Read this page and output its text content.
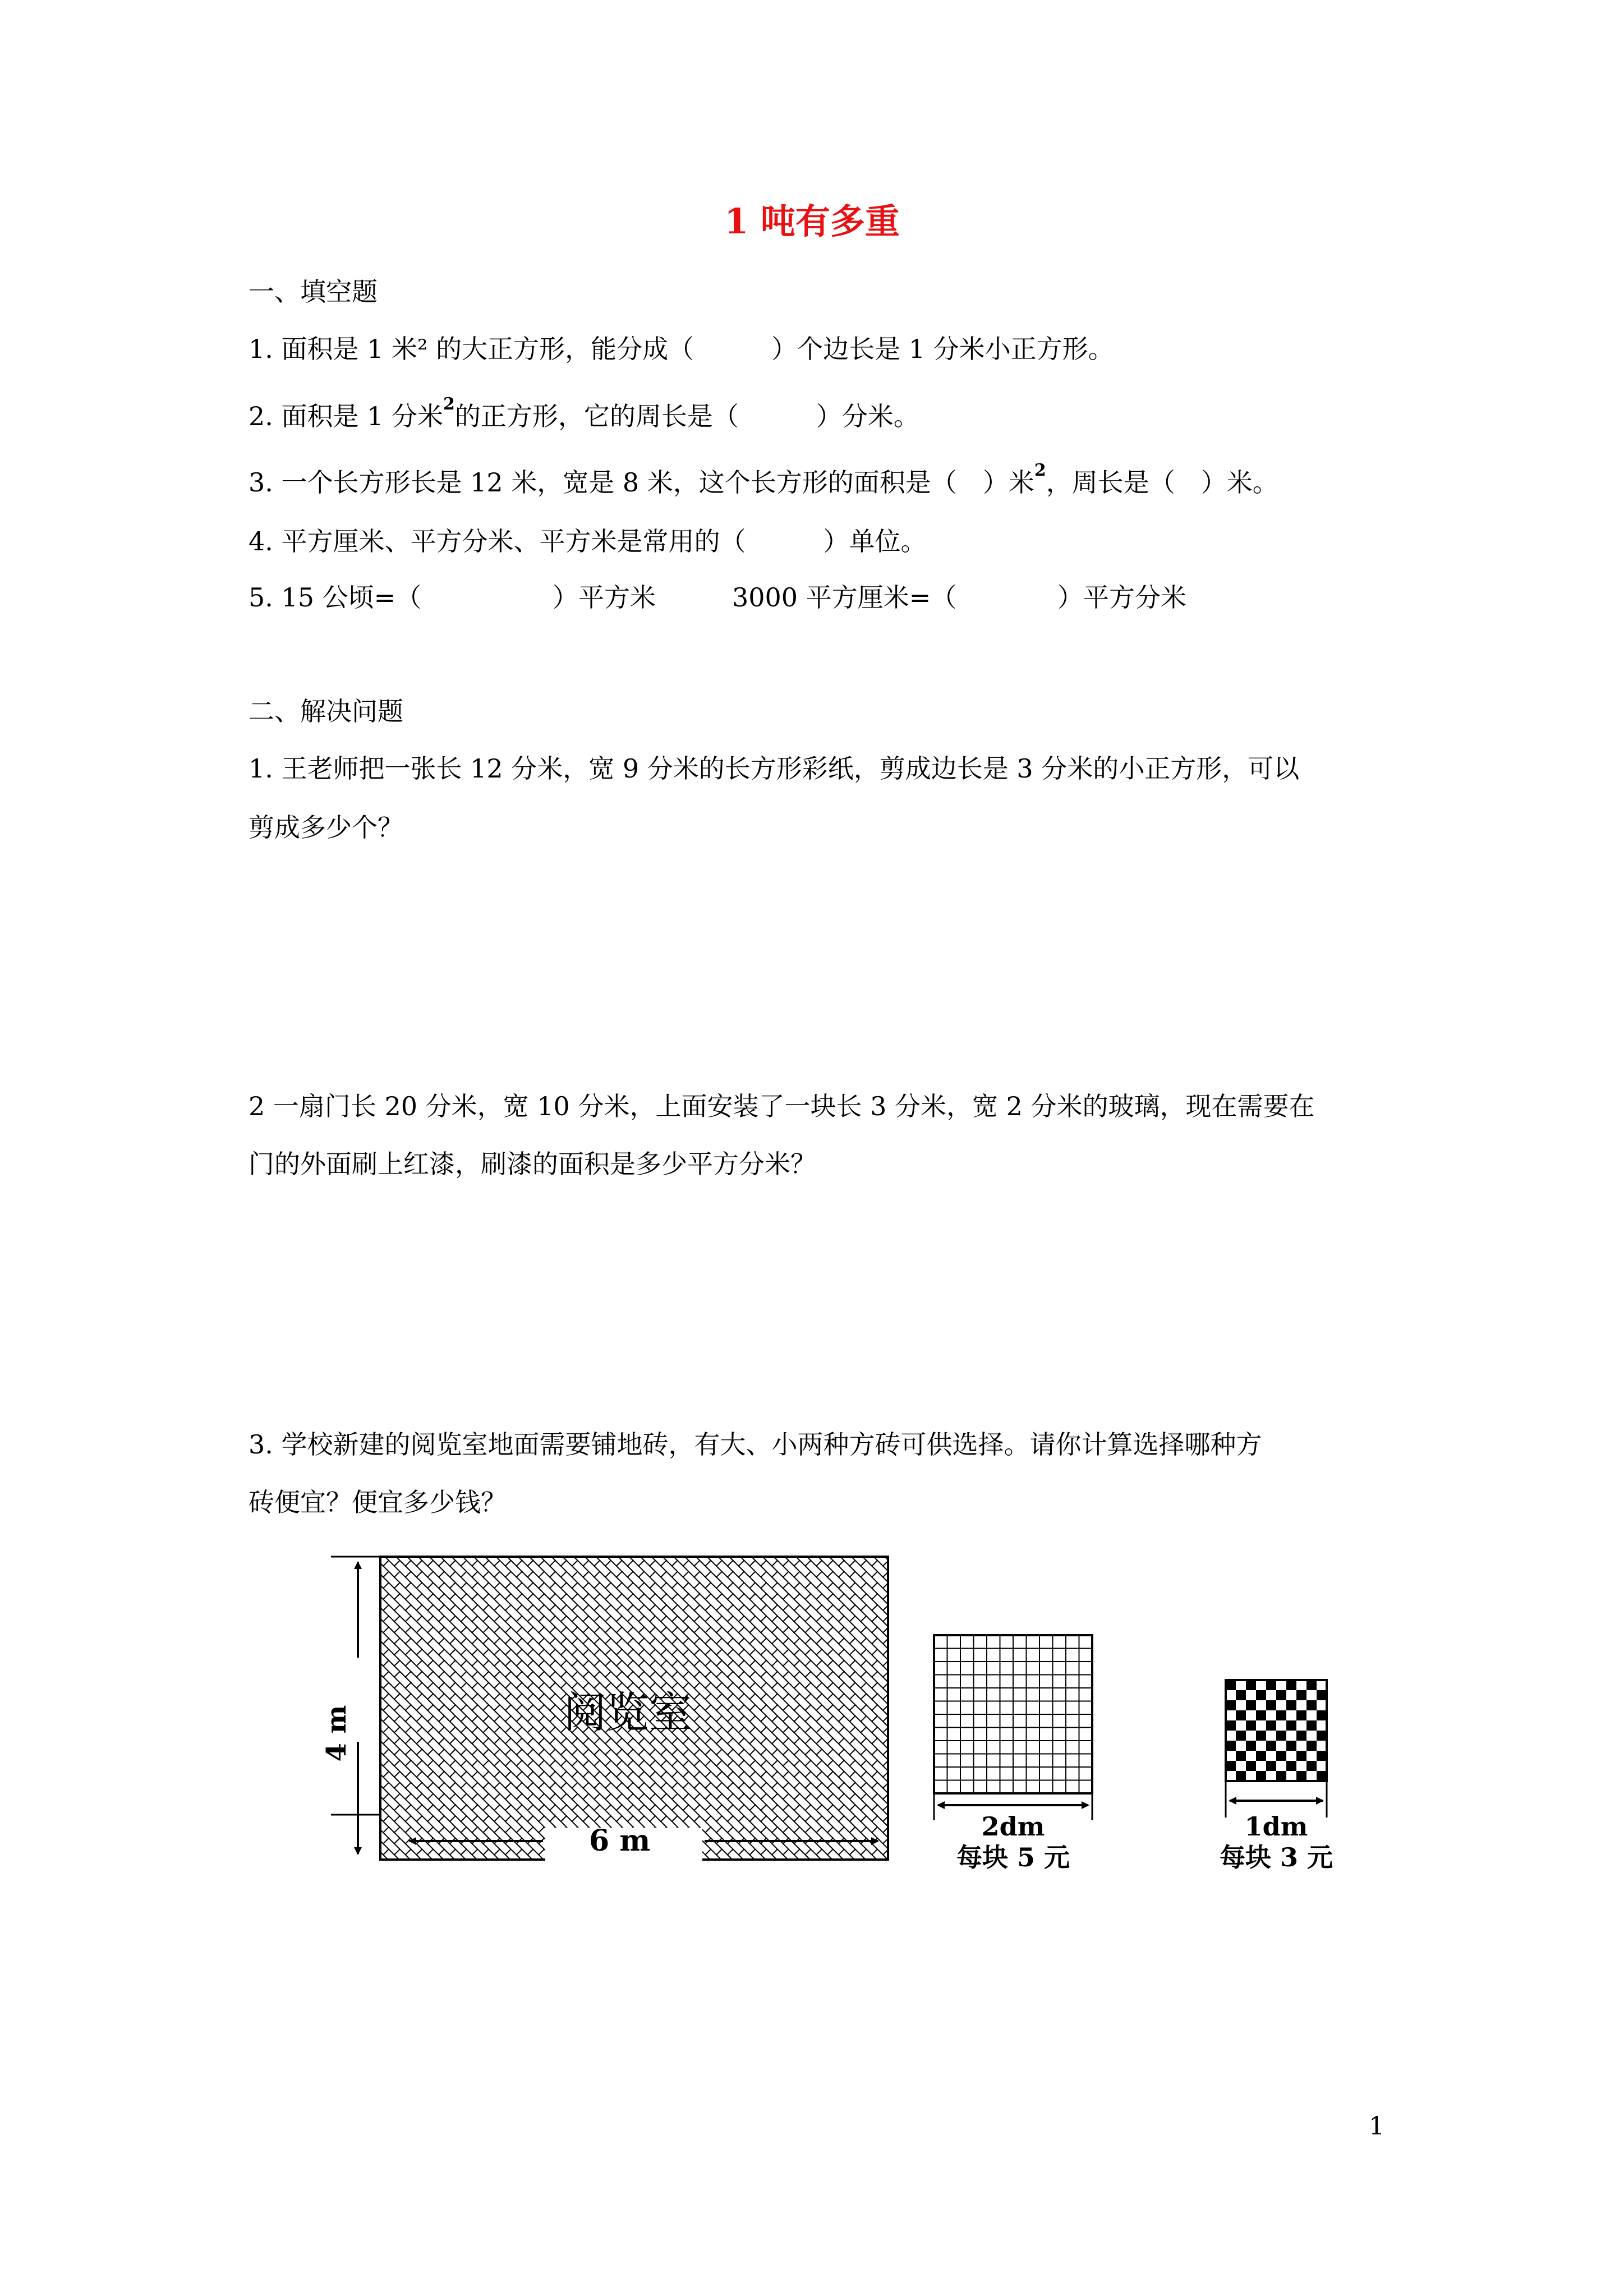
1 吨有多重
一、填空题
1. 面积是 1 米² 的大正方形，能分成（　　　	）个边长是 1 分米小正方形。
2. 面积是 1 分米$^2$的正方形，它的周长是（　　　	）分米。
3. 一个长方形长是 12 米，宽是 8 米，这个长方形的面积是（　 ）米$^2$，周长是（　 ）米。
4. 平方厘米、平方分米、平方米是常用的（　　　	）单位。
5. 15 公顷=（	）平方米	3000 平方厘米=（	）平方分米
二、解决问题
1. 王老师把一张长 12 分米，宽 9 分米的长方形彩纸，剪成边长是 3 分米的小正方形，可以
剪成多少个？
2 一扇门长 20 分米，宽 10 分米，上面安装了一块长 3 分米，宽 2 分米的玻璃，现在需要在
门的外面刷上红漆，刷漆的面积是多少平方分米？
3. 学校新建的阅览室地面需要铺地砖，有大、小两种方砖可供选择。请你计算选择哪种方
砖便宜？便宜多少钱？
阅览室
4 m
6 m	2dm
每块 5 元
1dm
每块 3 元
1
